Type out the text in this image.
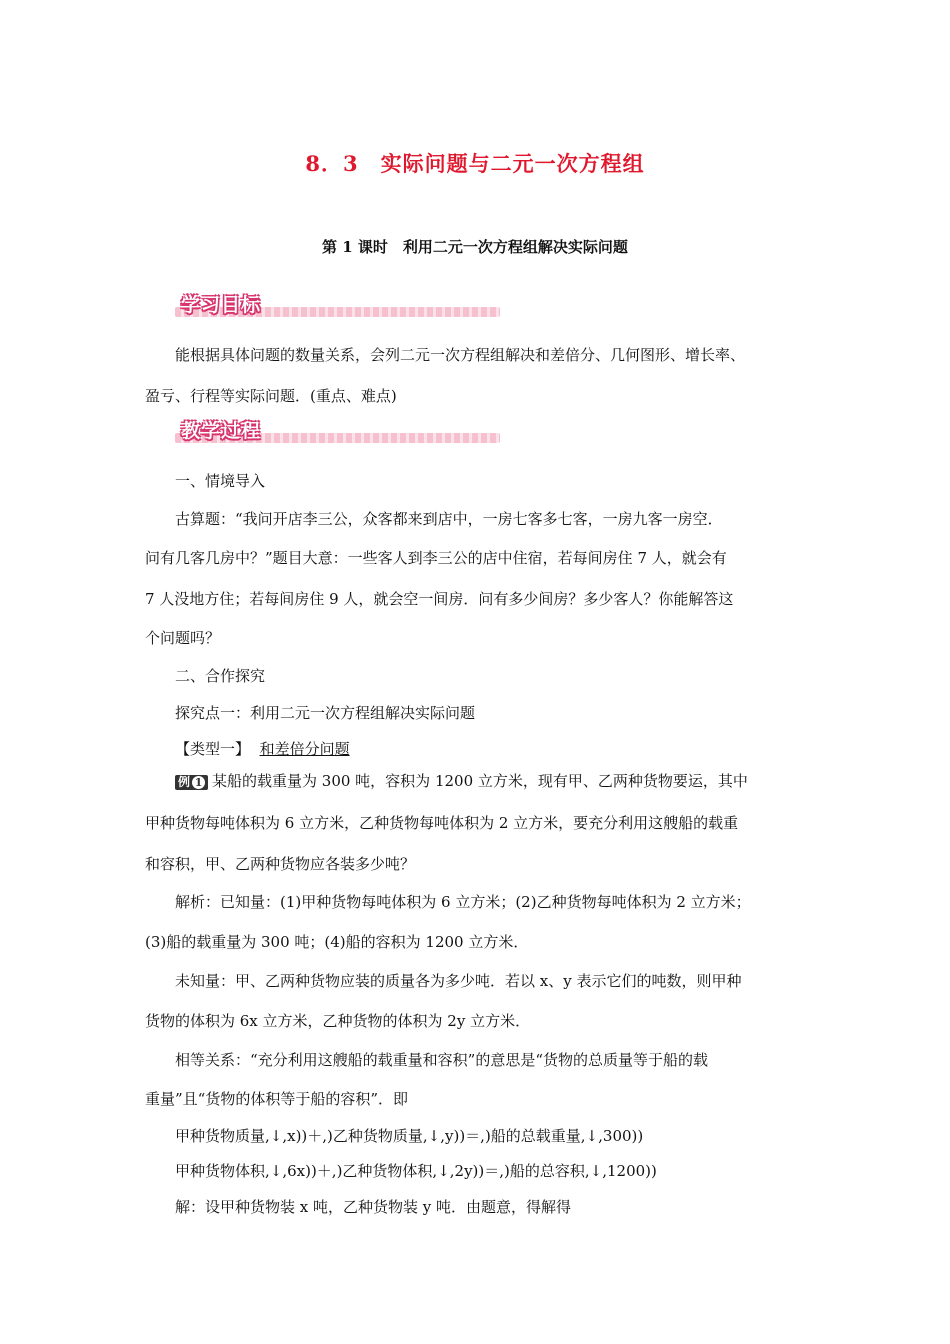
8．3　实际问题与二元一次方程组
第 1 课时　利用二元一次方程组解决实际问题
学习目标
能根据具体问题的数量关系，会列二元一次方程组解决和差倍分、几何图形、增长率、
盈亏、行程等实际问题．(重点、难点)
教学过程
一、情境导入
古算题：“我问开店李三公，众客都来到店中，一房七客多七客，一房九客一房空．
问有几客几房中？”题目大意：一些客人到李三公的店中住宿，若每间房住 7 人，就会有
7 人没地方住；若每间房住 9 人，就会空一间房．问有多少间房？多少客人？你能解答这
个问题吗？
二、合作探究
探究点一：利用二元一次方程组解决实际问题
【类型一】 和差倍分问题
例 1 某船的载重量为 300 吨，容积为 1200 立方米，现有甲、乙两种货物要运，其中
甲种货物每吨体积为 6 立方米，乙种货物每吨体积为 2 立方米，要充分利用这艘船的载重
和容积，甲、乙两种货物应各装多少吨？
解析：已知量：(1)甲种货物每吨体积为 6 立方米；(2)乙种货物每吨体积为 2 立方米；
(3)船的载重量为 300 吨；(4)船的容积为 1200 立方米．
未知量：甲、乙两种货物应装的质量各为多少吨．若以 x、y 表示它们的吨数，则甲种
货物的体积为 6x 立方米，乙种货物的体积为 2y 立方米．
相等关系：“充分利用这艘船的载重量和容积”的意思是“货物的总质量等于船的载
重量”且“货物的体积等于船的容积”．即
甲种货物质量,↓,x))＋,)乙种货物质量,↓,y))＝,)船的总载重量,↓,300))
甲种货物体积,↓,6x))＋,)乙种货物体积,↓,2y))＝,)船的总容积,↓,1200))
解：设甲种货物装 x 吨，乙种货物装 y 吨．由题意，得解得
